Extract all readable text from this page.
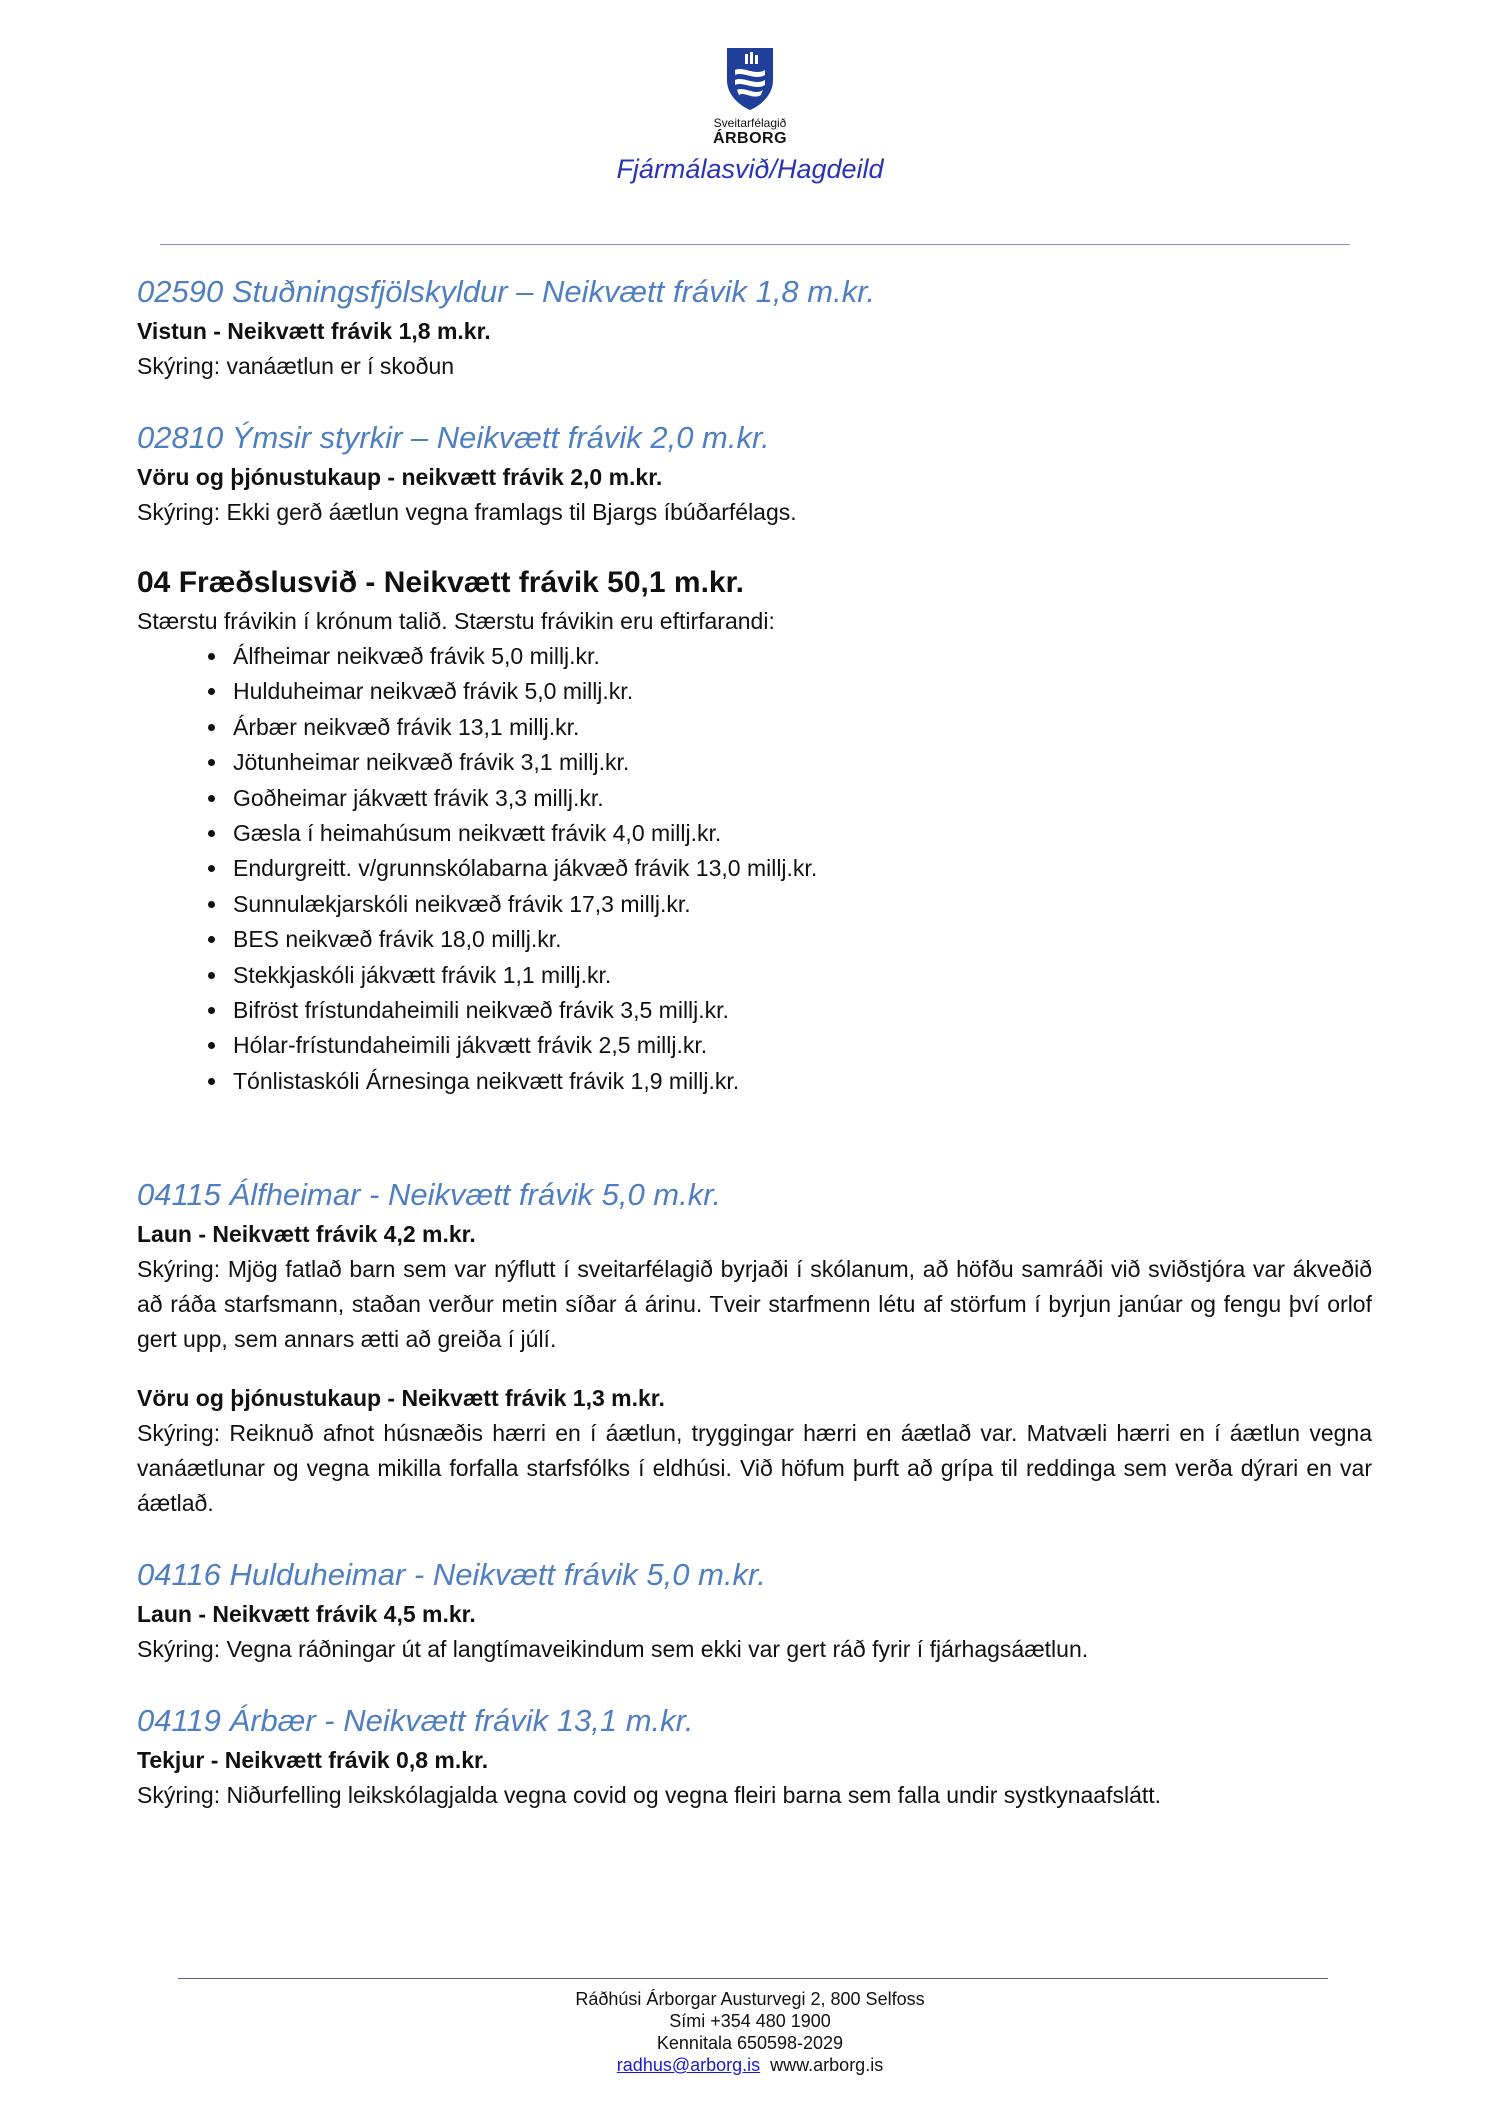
Sveitarfélagið
ÁRBORG
Fjármálasvið/Hagdeild
02590 Stuðningsfjölskyldur – Neikvætt frávik 1,8 m.kr.

Vistun - Neikvætt frávik 1,8 m.kr.

Skýring: vanáætlun er í skoðun

02810 Ýmsir styrkir – Neikvætt frávik 2,0 m.kr.

Vöru og þjónustukaup - neikvætt frávik 2,0 m.kr.

Skýring: Ekki gerð áætlun vegna framlags til Bjargs íbúðarfélags.

04 Fræðslusvið - Neikvætt frávik 50,1 m.kr.

Stærstu frávikin í krónum talið. Stærstu frávikin eru eftirfarandi:

• Álfheimar neikvæð frávik 5,0 millj.kr.
• Hulduheimar neikvæð frávik 5,0 millj.kr.
• Árbær neikvæð frávik 13,1 millj.kr.
• Jötunheimar neikvæð frávik 3,1 millj.kr.
• Goðheimar jákvætt frávik 3,3 millj.kr.
• Gæsla í heimahúsum neikvætt frávik 4,0 millj.kr.
• Endurgreitt. v/grunnskólabarna jákvæð frávik 13,0 millj.kr.
• Sunnulækjarskóli neikvæð frávik 17,3 millj.kr.
• BES neikvæð frávik 18,0 millj.kr.
• Stekkjaskóli jákvætt frávik 1,1 millj.kr.
• Bifröst frístundaheimili neikvæð frávik 3,5 millj.kr.
• Hólar-frístundaheimili jákvætt frávik 2,5 millj.kr.
• Tónlistaskóli Árnesinga neikvætt frávik 1,9 millj.kr.
04115 Álfheimar - Neikvætt frávik 5,0 m.kr.

Laun - Neikvætt frávik 4,2 m.kr.

Skýring: Mjög fatlað barn sem var nýflutt í sveitarfélagið byrjaði í skólanum, að höfðu samráði við sviðstjóra var ákveðið að ráða starfsmann, staðan verður metin síðar á árinu. Tveir starfmenn létu af störfum í byrjun janúar og fengu því orlof gert upp, sem annars ætti að greiða í júlí.

Vöru og þjónustukaup - Neikvætt frávik 1,3 m.kr.

Skýring: Reiknuð afnot húsnæðis hærri en í áætlun, tryggingar hærri en áætlað var. Matvæli hærri en í áætlun vegna vanáætlunar og vegna mikilla forfalla starfsfólks í eldhúsi. Við höfum þurft að grípa til reddinga sem verða dýrari en var áætlað.

04116 Hulduheimar - Neikvætt frávik 5,0 m.kr.

Laun - Neikvætt frávik 4,5 m.kr.

Skýring: Vegna ráðningar út af langtímaveikindum sem ekki var gert ráð fyrir í fjárhagsáætlun.

04119 Árbær - Neikvætt frávik 13,1 m.kr.

Tekjur - Neikvætt frávik 0,8 m.kr.

Skýring: Niðurfelling leikskólagjalda vegna covid og vegna fleiri barna sem falla undir systkynaafslátt.

Ráðhúsi Árborgar Austurvegi 2, 800 Selfoss
Sími +354 480 1900
Kennitala 650598-2029
radhus@arborg.is www.arborg.is
